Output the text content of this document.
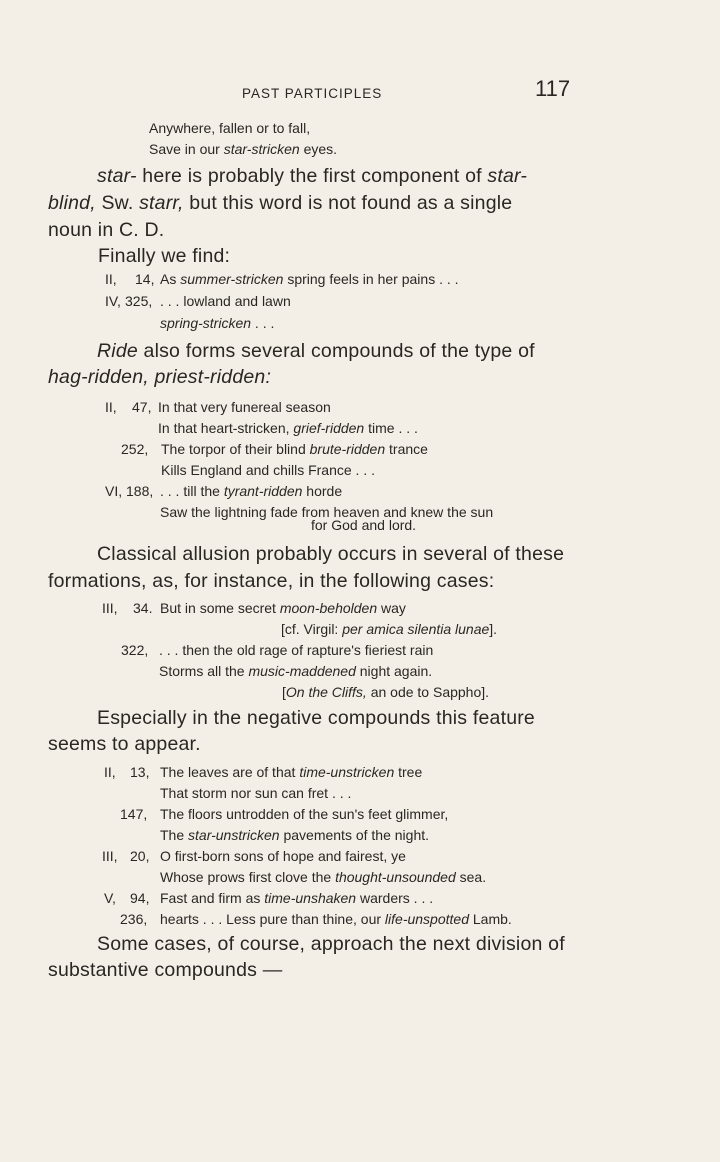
PAST PARTICIPLES	117
Anywhere, fallen or to fall,
Save in our star-stricken eyes.
star- here is probably the first component of star-
blind, Sw. starr, but this word is not found as a single
noun in C. D.
Finally we find:
II, 14, As summer-stricken spring feels in her pains . . .
IV, 325, . . . lowland and lawn
spring-stricken . . .
Ride also forms several compounds of the type of
hag-ridden, priest-ridden:
II, 47, In that very funereal season
In that heart-stricken, grief-ridden time . . .
252, The torpor of their blind brute-ridden trance
Kills England and chills France . . .
VI, 188, . . . till the tyrant-ridden horde
Saw the lightning fade from heaven and knew the sun
for God and lord.
Classical allusion probably occurs in several of these
formations, as, for instance, in the following cases:
III, 34. But in some secret moon-beholden way
[cf. Virgil: per amica silentia lunae].
322, . . . then the old rage of rapture's fieriest rain
Storms all the music-maddened night again.
[On the Cliffs, an ode to Sappho].
Especially in the negative compounds this feature
seems to appear.
II, 13, The leaves are of that time-unstricken tree
That storm nor sun can fret . . .
147, The floors untrodden of the sun's feet glimmer,
The star-unstricken pavements of the night.
III, 20, O first-born sons of hope and fairest, ye
Whose prows first clove the thought-unsounded sea.
V, 94, Fast and firm as time-unshaken warders . . .
236, hearts . . . Less pure than thine, our life-unspotted Lamb.
Some cases, of course, approach the next division of
substantive compounds —
